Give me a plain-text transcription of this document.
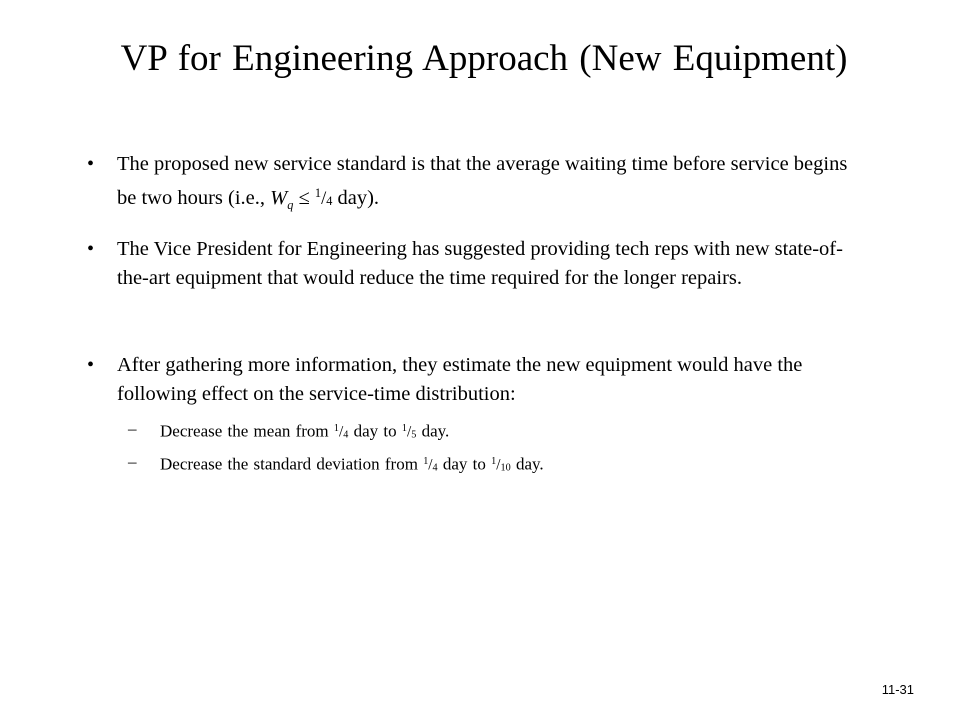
VP for Engineering Approach (New Equipment)
• The proposed new service standard is that the average waiting time before service begins be two hours (i.e., $W_q \le ^1/4$ day).
• The Vice President for Engineering has suggested providing tech reps with new state-of-the-art equipment that would reduce the time required for the longer repairs.
• After gathering more information, they estimate the new equipment would have the following effect on the service-time distribution:
– Decrease the mean from $^1$/4 day to $^1$/5 day.
– Decrease the standard deviation from $^1$/4 day to $^1$/10 day.
11-31
